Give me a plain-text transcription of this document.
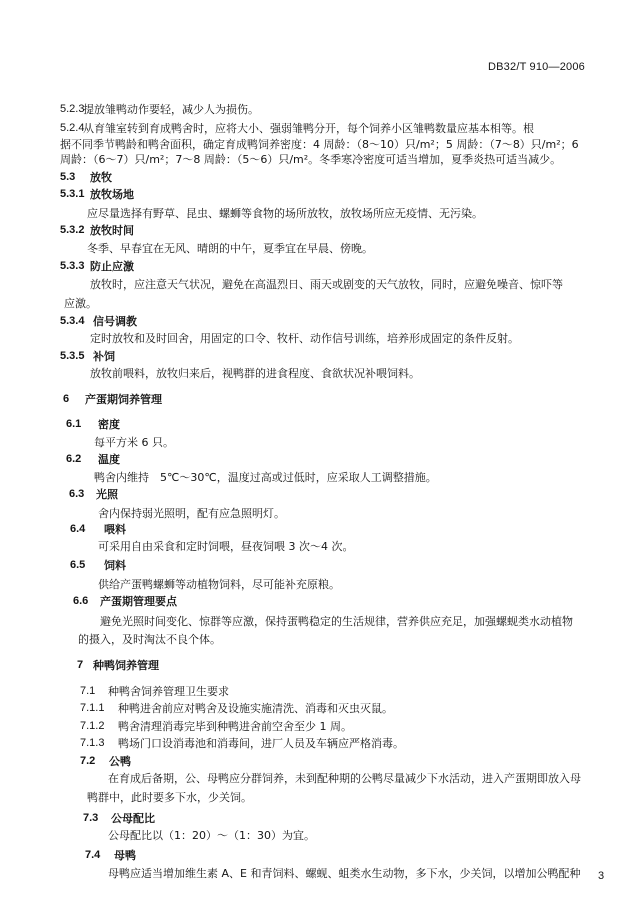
DB32/T 910—2006
5.2.3
提放雏鸭动作要轻，减少人为损伤。
5.2.4
从育雏室转到育成鸭舍时，应将大小、强弱雏鸭分开，每个饲养小区雏鸭数量应基本相等。根
据不同季节鸭龄和鸭舍面积，确定育成鸭饲养密度：4 周龄：（8～10）只/m²；5 周龄：（7～8）只/m²；6
周龄：（6～7）只/m²；7～8 周龄：（5～6）只/m²。冬季寒冷密度可适当增加，夏季炎热可适当减少。
5.3 放牧
5.3.1 放牧场地
应尽量选择有野草、昆虫、螺蛳等食物的场所放牧，放牧场所应无疫情、无污染。
5.3.2 放牧时间
冬季、早春宜在无风、晴朗的中午，夏季宜在早晨、傍晚。
5.3.3 防止应激
放牧时，应注意天气状况，避免在高温烈日、雨天或剧变的天气放牧，同时，应避免噪音、惊吓等
应激。
5.3.4 信号调教
定时放牧和及时回舍，用固定的口令、牧杆、动作信号训练，培养形成固定的条件反射。
5.3.5 补饲
放牧前喂料，放牧归来后，视鸭群的进食程度、食欲状况补喂饲料。
6 产蛋期饲养管理
6.1 密度
每平方米 6 只。
6.2 温度
鸭舍内维持　5℃～30℃，温度过高或过低时，应采取人工调整措施。
6.3 光照
舍内保持弱光照明，配有应急照明灯。
6.4 喂料
可采用自由采食和定时饲喂，昼夜饲喂 3 次～4 次。
6.5 饲料
供给产蛋鸭螺蛳等动植物饲料，尽可能补充原粮。
6.6 产蛋期管理要点
避免光照时间变化、惊群等应激，保持蛋鸭稳定的生活规律，营养供应充足，加强螺蚬类水动植物
的摄入，及时淘汰不良个体。
7 种鸭饲养管理
7.1 种鸭舍饲养管理卫生要求
7.1.1 种鸭进舍前应对鸭舍及设施实施清洗、消毒和灭虫灭鼠。
7.1.2 鸭舍清理消毒完毕到种鸭进舍前空舍至少 1 周。
7.1.3 鸭场门口设消毒池和消毒间，进厂人员及车辆应严格消毒。
7.2 公鸭
在育成后备期，公、母鸭应分群饲养，未到配种期的公鸭尽量减少下水活动，进入产蛋期即放入母
鸭群中，此时要多下水，少关饲。
7.3 公母配比
公母配比以（1：20）～（1：30）为宜。
7.4 母鸭
母鸭应适当增加维生素 A、E 和青饲料、螺蚬、蛆类水生动物，多下水，少关饲，以增加公鸭配种 3
